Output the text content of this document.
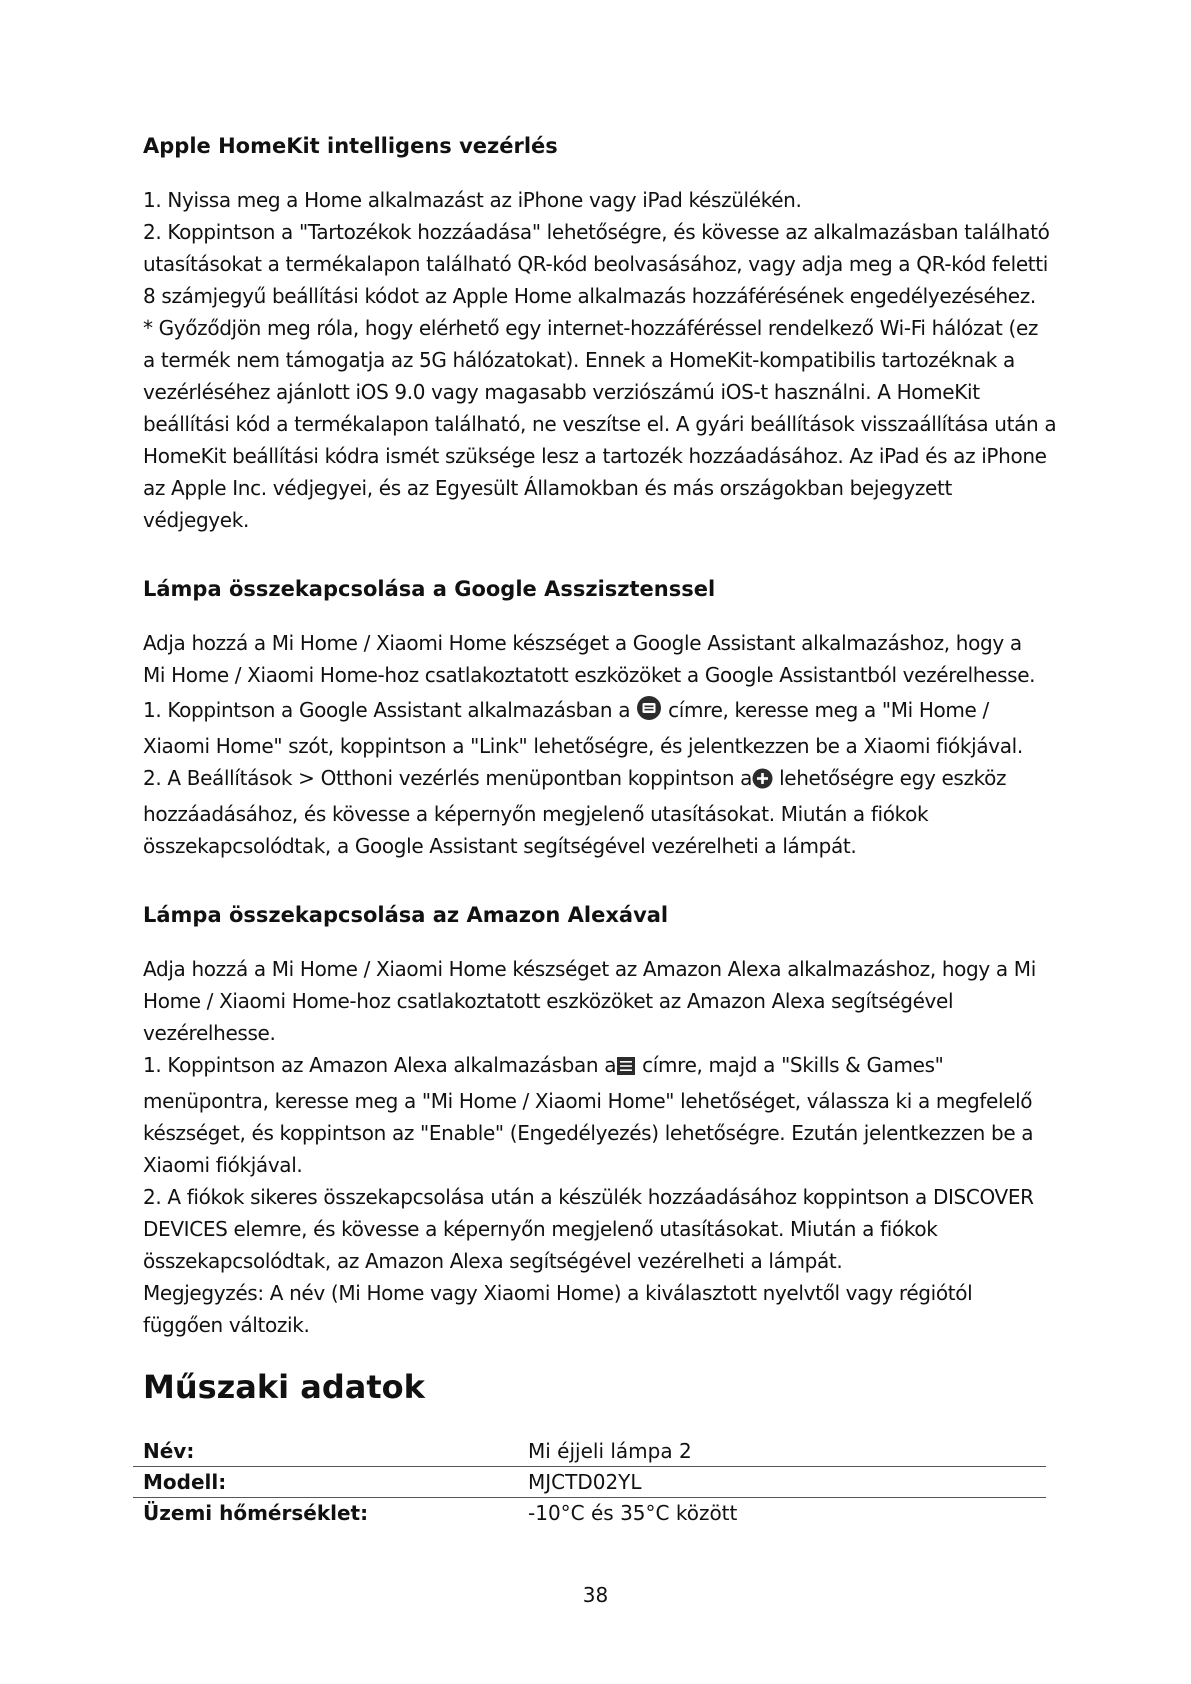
Apple HomeKit intelligens vezérlés

1. Nyissa meg a Home alkalmazást az iPhone vagy iPad készülékén.

2. Koppintson a "Tartozékok hozzáadása" lehetőségre, és kövesse az alkalmazásban található

utasításokat a termékalapon található QR-kód beolvasásához, vagy adja meg a QR-kód feletti

8 számjegyű beállítási kódot az Apple Home alkalmazás hozzáférésének engedélyezéséhez.

* Győződjön meg róla, hogy elérhető egy internet-hozzáféréssel rendelkező Wi-Fi hálózat (ez

a termék nem támogatja az 5G hálózatokat). Ennek a HomeKit-kompatibilis tartozéknak a

vezérléséhez ajánlott iOS 9.0 vagy magasabb verziószámú iOS-t használni. A HomeKit

beállítási kód a termékalapon található, ne veszítse el. A gyári beállítások visszaállítása után a

HomeKit beállítási kódra ismét szüksége lesz a tartozék hozzáadásához. Az iPad és az iPhone

az Apple Inc. védjegyei, és az Egyesült Államokban és más országokban bejegyzett

védjegyek.

Lámpa összekapcsolása a Google Asszisztenssel

Adja hozzá a Mi Home / Xiaomi Home készséget a Google Assistant alkalmazáshoz, hogy a

Mi Home / Xiaomi Home-hoz csatlakoztatott eszközöket a Google Assistantból vezérelhesse.

1. Koppintson a Google Assistant alkalmazásban a  címre, keresse meg a "Mi Home /

Xiaomi Home" szót, koppintson a "Link" lehetőségre, és jelentkezzen be a Xiaomi fiókjával.

2. A Beállítások > Otthoni vezérlés menüpontban koppintson a lehetőségre egy eszköz

hozzáadásához, és kövesse a képernyőn megjelenő utasításokat. Miután a fiókok

összekapcsolódtak, a Google Assistant segítségével vezérelheti a lámpát.

Lámpa összekapcsolása az Amazon Alexával

Adja hozzá a Mi Home / Xiaomi Home készséget az Amazon Alexa alkalmazáshoz, hogy a Mi

Home / Xiaomi Home-hoz csatlakoztatott eszközöket az Amazon Alexa segítségével

vezérelhesse.

1. Koppintson az Amazon Alexa alkalmazásban a címre, majd a "Skills & Games"

menüpontra, keresse meg a "Mi Home / Xiaomi Home" lehetőséget, válassza ki a megfelelő

készséget, és koppintson az "Enable" (Engedélyezés) lehetőségre. Ezután jelentkezzen be a

Xiaomi fiókjával.

2. A fiókok sikeres összekapcsolása után a készülék hozzáadásához koppintson a DISCOVER

DEVICES elemre, és kövesse a képernyőn megjelenő utasításokat. Miután a fiókok

összekapcsolódtak, az Amazon Alexa segítségével vezérelheti a lámpát.

Megjegyzés: A név (Mi Home vagy Xiaomi Home) a kiválasztott nyelvtől vagy régiótól

függően változik.

Műszaki adatok
Név:	Mi éjjeli lámpa 2
Modell:	MJCTD02YL
Üzemi hőmérséklet:	-10°C és 35°C között
38
